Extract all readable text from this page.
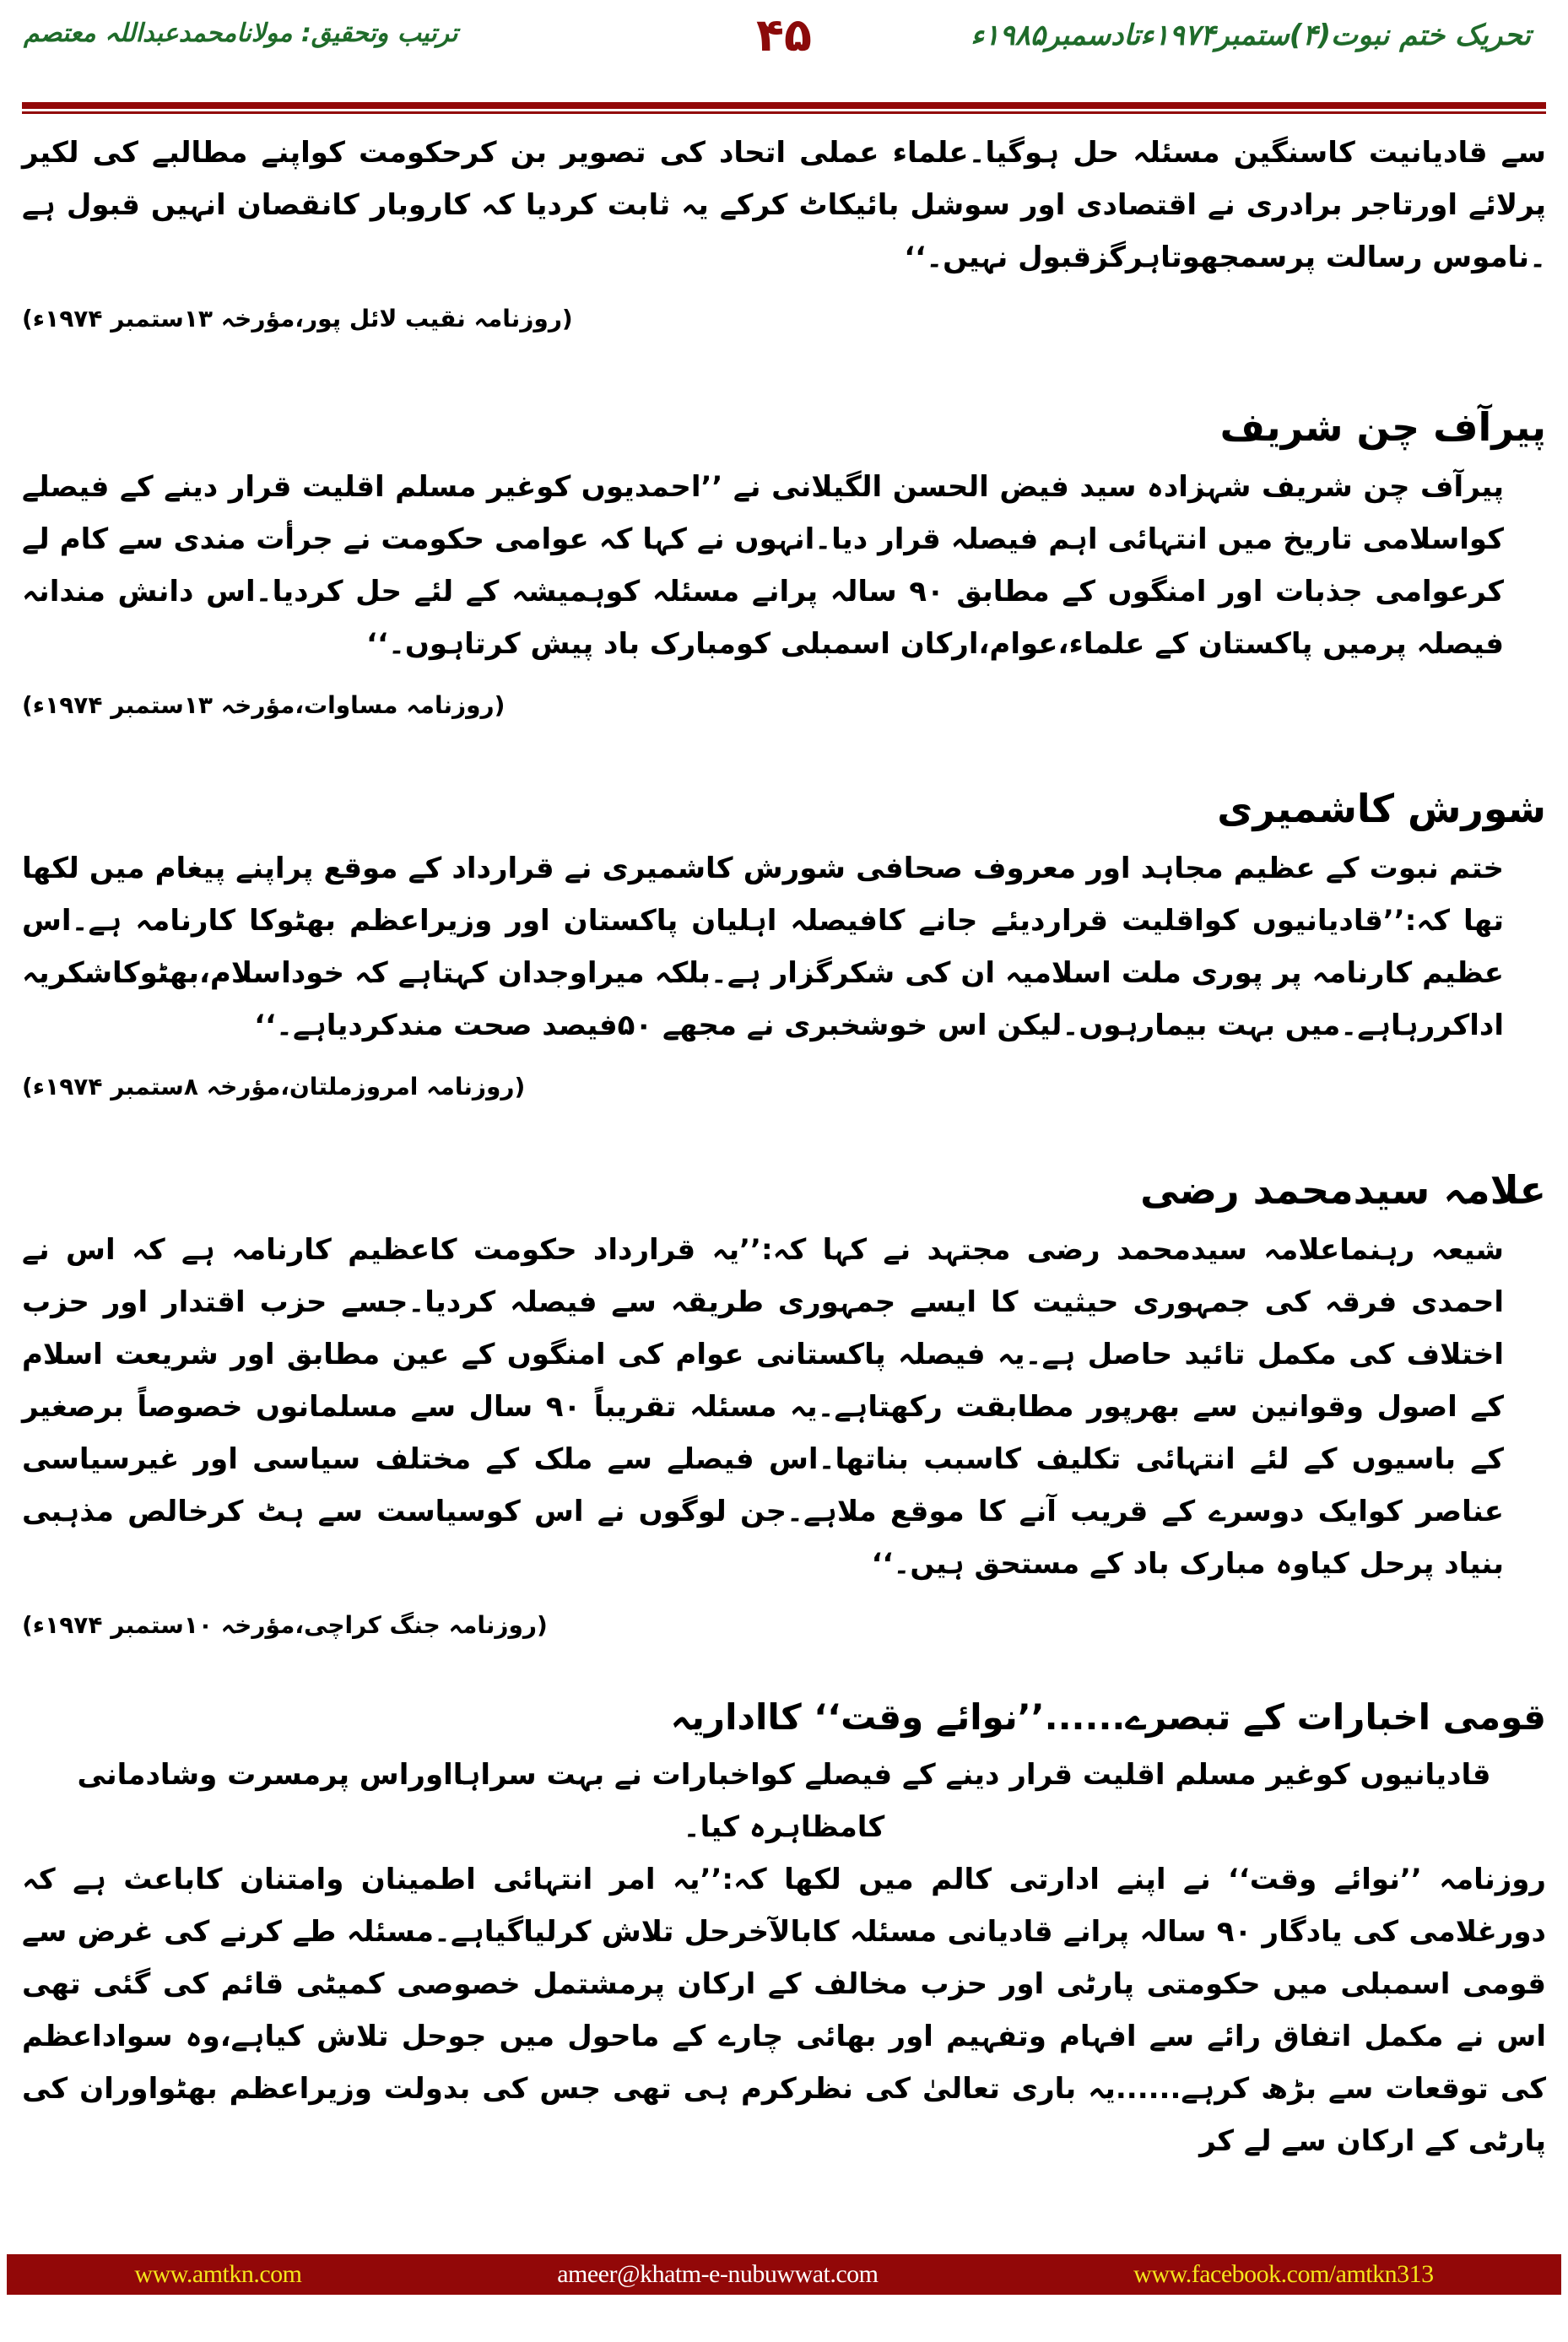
تحریک ختم نبوت(۴)ستمبر۱۹۷۴ءتادسمبر۱۹۸۵ء
۴۵
ترتیب وتحقیق: مولانامحمدعبداللہ معتصم

سے قادیانیت کاسنگین مسئلہ حل ہوگیا۔علماء عملی اتحاد کی تصویر بن کرحکومت کواپنے مطالبے کی لکیر پرلائے اورتاجر برادری نے اقتصادی اور سوشل بائیکاٹ کرکے یہ ثابت کردیا کہ کاروبار کانقصان انہیں قبول ہے ۔ناموس رسالت پرسمجھوتاہرگزقبول نہیں۔‘‘

(روزنامہ نقیب لائل پور،مؤرخہ ۱۳ستمبر ۱۹۷۴ء)

پیرآف چن شریف

پیرآف چن شریف شہزادہ سید فیض الحسن الگیلانی نے ’’احمدیوں کوغیر مسلم اقلیت قرار دینے کے فیصلے کواسلامی تاریخ میں انتہائی اہم فیصلہ قرار دیا۔انہوں نے کہا کہ عوامی حکومت نے جرأت مندی سے کام لے کرعوامی جذبات اور امنگوں کے مطابق ۹۰ سالہ پرانے مسئلہ کوہمیشہ کے لئے حل کردیا۔اس دانش مندانہ فیصلہ پرمیں پاکستان کے علماء،عوام،ارکان اسمبلی کومبارک باد پیش کرتاہوں۔‘‘

(روزنامہ مساوات،مؤرخہ ۱۳ستمبر ۱۹۷۴ء)

شورش کاشمیری

ختم نبوت کے عظیم مجاہد اور معروف صحافی شورش کاشمیری نے قرارداد کے موقع پراپنے پیغام میں لکھا تھا کہ:’’قادیانیوں کواقلیت قراردیئے جانے کافیصلہ اہلیان پاکستان اور وزیراعظم بھٹوکا کارنامہ ہے۔اس عظیم کارنامہ پر پوری ملت اسلامیہ ان کی شکرگزار ہے۔بلکہ میراوجدان کہتاہے کہ خوداسلام،بھٹوکاشکریہ اداکررہاہے۔میں بہت بیمارہوں۔لیکن اس خوشخبری نے مجھے ۵۰فیصد صحت مندکردیاہے۔‘‘

(روزنامہ امروزملتان،مؤرخہ ۸ستمبر ۱۹۷۴ء)

علامہ سیدمحمد رضی

شیعہ رہنماعلامہ سیدمحمد رضی مجتہد نے کہا کہ:’’یہ قرارداد حکومت کاعظیم کارنامہ ہے کہ اس نے احمدی فرقہ کی جمہوری حیثیت کا ایسے جمہوری طریقہ سے فیصلہ کردیا۔جسے حزب اقتدار اور حزب اختلاف کی مکمل تائید حاصل ہے۔یہ فیصلہ پاکستانی عوام کی امنگوں کے عین مطابق اور شریعت اسلام کے اصول وقوانین سے بھرپور مطابقت رکھتاہے۔یہ مسئلہ تقریباً ۹۰ سال سے مسلمانوں خصوصاً برصغیر کے باسیوں کے لئے انتہائی تکلیف کاسبب بناتھا۔اس فیصلے سے ملک کے مختلف سیاسی اور غیرسیاسی عناصر کوایک دوسرے کے قریب آنے کا موقع ملاہے۔جن لوگوں نے اس کوسیاست سے ہٹ کرخالص مذہبی بنیاد پرحل کیاوہ مبارک باد کے مستحق ہیں۔‘‘

(روزنامہ جنگ کراچی،مؤرخہ ۱۰ستمبر ۱۹۷۴ء)

قومی اخبارات کے تبصرے......’’نوائے وقت‘‘ کااداریہ

قادیانیوں کوغیر مسلم اقلیت قرار دینے کے فیصلے کواخبارات نے بہت سراہااوراس پرمسرت وشادمانی کامظاہرہ کیا۔

روزنامہ ’’نوائے وقت‘‘ نے اپنے ادارتی کالم میں لکھا کہ:’’یہ امر انتہائی اطمینان وامتنان کاباعث ہے کہ دورغلامی کی یادگار ۹۰ سالہ پرانے قادیانی مسئلہ کابالآخرحل تلاش کرلیاگیاہے۔مسئلہ طے کرنے کی غرض سے قومی اسمبلی میں حکومتی پارٹی اور حزب مخالف کے ارکان پرمشتمل خصوصی کمیٹی قائم کی گئی تھی اس نے مکمل اتفاق رائے سے افہام وتفہیم اور بھائی چارے کے ماحول میں جوحل تلاش کیاہے،وہ سواداعظم کی توقعات سے بڑھ کرہے......یہ باری تعالیٰ کی نظرکرم ہی تھی جس کی بدولت وزیراعظم بھٹواوران کی پارٹی کے ارکان سے لے کر

www.amtkn.com	ameer@khatm-e-nubuwwat.com	www.facebook.com/amtkn313
